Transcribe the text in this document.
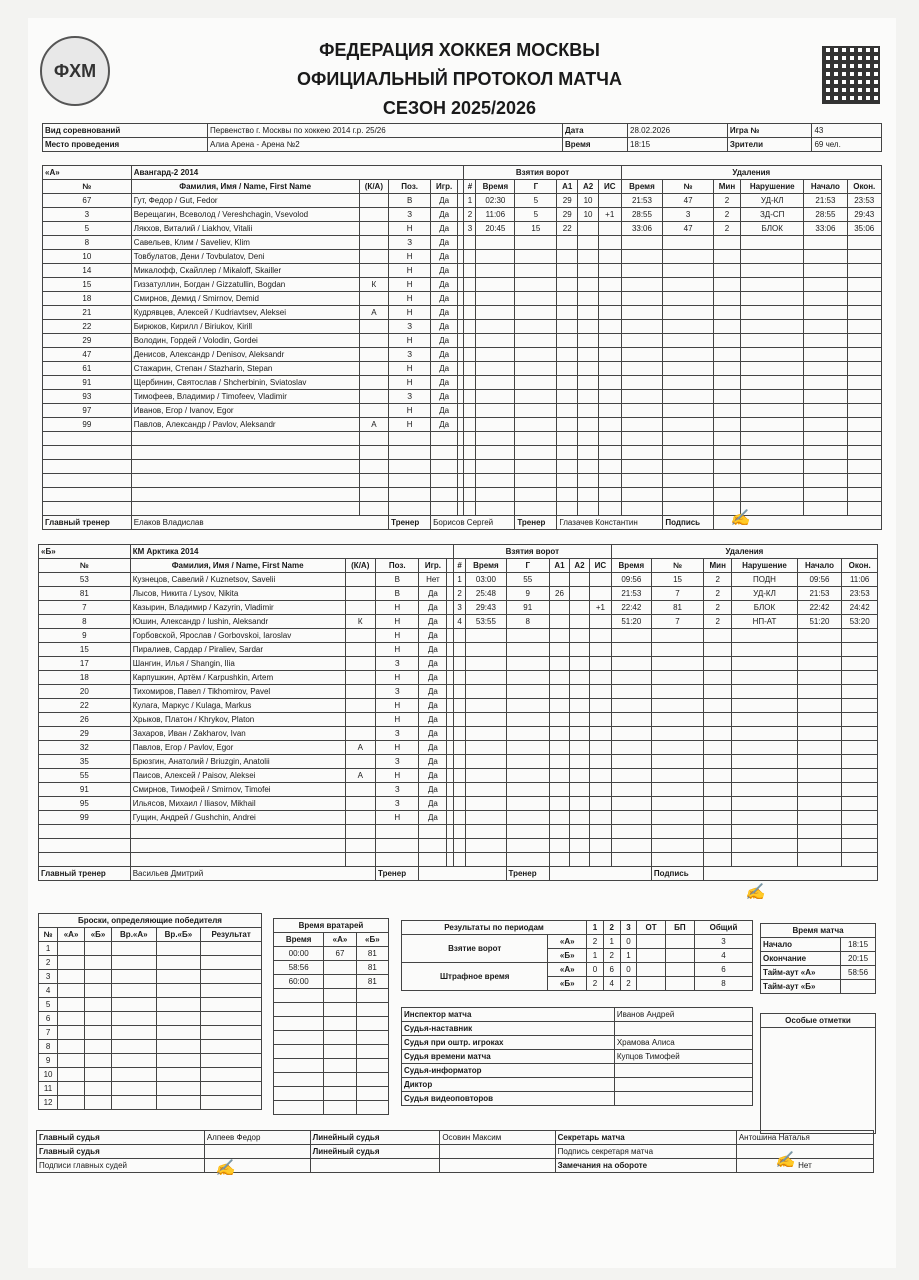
ФХМ
ФЕДЕРАЦИЯ ХОККЕЯ МОСКВЫ
ОФИЦИАЛЬНЫЙ ПРОТОКОЛ МАТЧА
СЕЗОН 2025/2026
Вид соревнований	Первенство г. Москвы по хоккею 2014 г.р. 25/26	Дата	28.02.2026	Игра №	43
Место проведения	Алиа Арена - Арена №2	Время	18:15	Зрители	69 чел.
«А»	Авангард-2 2014					Взятия ворот						Удаления					
№	Фамилия, Имя / Name, First Name	(К/А)	Поз.	Игр.		#	Время	Г	А1	А2	ИС	Время	№	Мин	Нарушение	Начало	Окон.
67	Гут, Федор / Gut, Fedor		В	Да		1	02:30	5	29	10		21:53	47	2	УД-КЛ	21:53	23:53
3	Верещагин, Всеволод / Vereshchagin, Vsevolod		З	Да		2	11:06	5	29	10	+1	28:55	3	2	ЗД-СП	28:55	29:43
5	Лякхов, Виталий / Liakhov, Vitalii		Н	Да		3	20:45	15	22			33:06	47	2	БЛОК	33:06	35:06
8	Савельев, Клим / Saveliev, Klim		З	Да													
10	Товбулатов, Дени / Tovbulatov, Deni		Н	Да													
14	Микалофф, Скайллер / Mikaloff, Skailler		Н	Да													
15	Гиззатуллин, Богдан / Gizzatullin, Bogdan	К	Н	Да													
18	Смирнов, Демид / Smirnov, Demid		Н	Да													
21	Кудрявцев, Алексей / Kudriavtsev, Aleksei	А	Н	Да													
22	Бирюков, Кирилл / Biriukov, Kirill		З	Да													
29	Володин, Гордей / Volodin, Gordei		Н	Да													
47	Денисов, Александр / Denisov, Aleksandr		З	Да													
61	Стажарин, Степан / Stazharin, Stepan		Н	Да													
91	Щербинин, Святослав / Shcherbinin, Sviatoslav		Н	Да													
93	Тимофеев, Владимир / Timofeev, Vladimir		З	Да													
97	Иванов, Егор / Ivanov, Egor		Н	Да													
99	Павлов, Александр / Pavlov, Aleksandr	А	Н	Да													

Главный тренер	Елаков Владислав		Тренер	Борисов Сергей				Тренер	Глазачев Константин				Подпись				
«Б»	КМ Арктика 2014					Взятия ворот						Удаления					
№	Фамилия, Имя / Name, First Name	(К/А)	Поз.	Игр.		#	Время	Г	А1	А2	ИС	Время	№	Мин	Нарушение	Начало	Окон.
53	Кузнецов, Савелий / Kuznetsov, Savelii		В	Нет		1	03:00	55				09:56	15	2	ПОДН	09:56	11:06
81	Лысов, Никита / Lysov, Nikita		В	Да		2	25:48	9	26			21:53	7	2	УД-КЛ	21:53	23:53
7	Казырин, Владимир / Kazyrin, Vladimir		Н	Да		3	29:43	91			+1	22:42	81	2	БЛОК	22:42	24:42
8	Юшин, Александр / Iushin, Aleksandr	К	Н	Да		4	53:55	8				51:20	7	2	НП-АТ	51:20	53:20
9	Горбовской, Ярослав / Gorbovskoi, Iaroslav		Н	Да													
15	Пиралиев, Сардар / Piraliev, Sardar		Н	Да													
17	Шангин, Илья / Shangin, Ilia		З	Да													
18	Карпушкин, Артём / Karpushkin, Artem		Н	Да													
20	Тихомиров, Павел / Tikhomirov, Pavel		З	Да													
22	Кулага, Маркус / Kulaga, Markus		Н	Да													
26	Хрыков, Платон / Khrykov, Platon		Н	Да													
29	Захаров, Иван / Zakharov, Ivan		З	Да													
32	Павлов, Егор / Pavlov, Egor	А	Н	Да													
35	Брюзгин, Анатолий / Briuzgin, Anatolii		З	Да													
55	Паисов, Алексей / Paisov, Aleksei	А	Н	Да													
91	Смирнов, Тимофей / Smirnov, Timofei		З	Да													
95	Ильясов, Михаил / Iliasov, Mikhail		З	Да													
99	Гущин, Андрей / Gushchin, Andrei		Н	Да													

Главный тренер	Васильев Дмитрий		Тренер					Тренер					Подпись				
Броски, определяющие победителя					
№	«А»	«Б»	Вр.«А»	Вр.«Б»	Результат
1					
2					
3					
4					
5					
6					
7					
8					
9					
10					
11					
12					
Время вратарей		
Время	«А»	«Б»
00:00	67	81
58:56		81
60:00		81

Результаты по периодам		1	2	3	ОТ	БП	Общий
Взятие ворот	«А»	2	1	0			3
	«Б»	1	2	1			4
Штрафное время	«А»	0	6	0			6
	«Б»	2	4	2			8
Время матча	
Начало	18:15
Окончание	20:15
Тайм-аут «А»	58:56
Тайм-аут «Б»	
Инспектор матча	Иванов Андрей
Судья-наставник	
Судья при оштр. игроках	Храмова Алиса
Судья времени матча	Купцов Тимофей
Судья-информатор	
Диктор	
Судья видеоповторов	
Особые отметки

Главный судья	Алпеев Федор	Линейный судья	Осовин Максим	Секретарь матча	Антошина Наталья
Главный судья		Линейный судья		Подпись секретаря матча	
Подписи главных судей				Замечания на обороте	Нет
✍
✍
✍	✍
